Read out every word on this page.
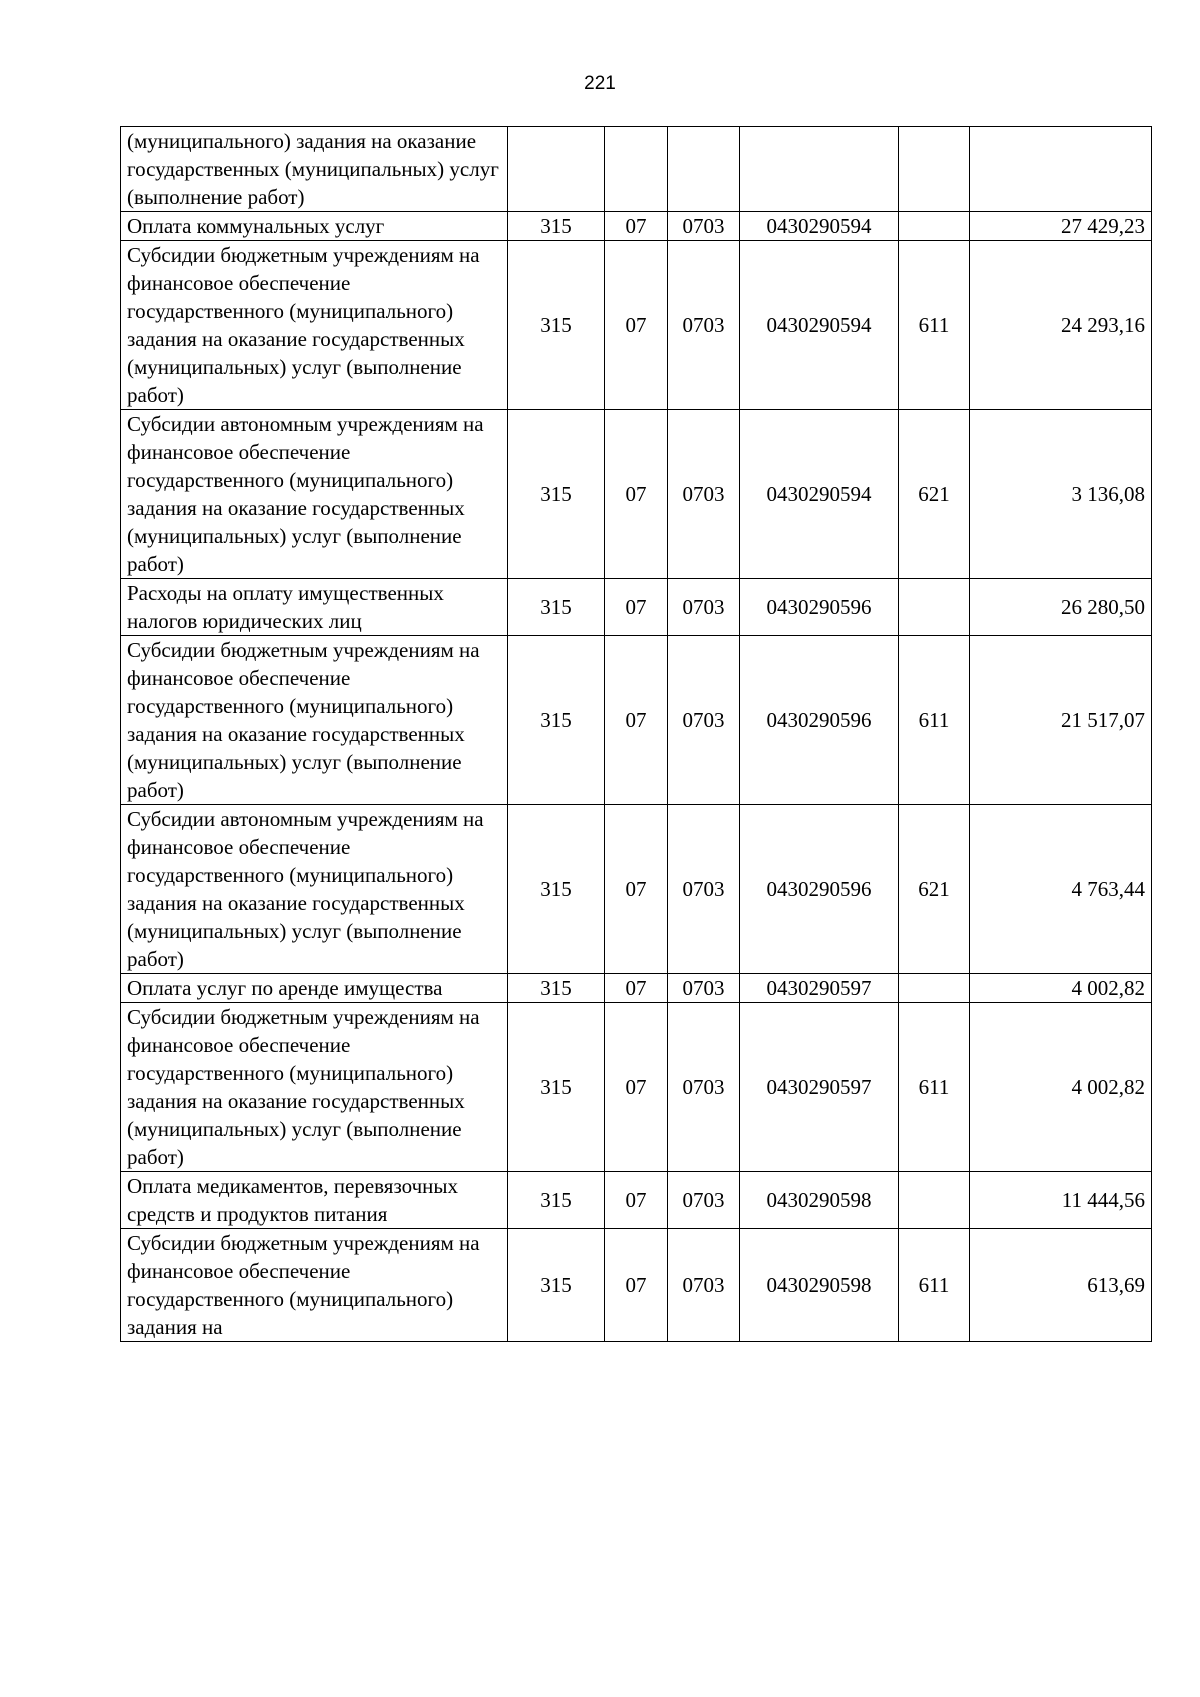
221
(муниципального) задания на оказание государственных (муниципальных) услуг (выполнение работ)						
Оплата коммунальных услуг	315	07	0703	0430290594		27 429,23
Субсидии бюджетным учреждениям на финансовое обеспечение государственного (муниципального) задания на оказание государственных (муниципальных) услуг (выполнение работ)	315	07	0703	0430290594	611	24 293,16
Субсидии автономным учреждениям на финансовое обеспечение государственного (муниципального) задания на оказание государственных (муниципальных) услуг (выполнение работ)	315	07	0703	0430290594	621	3 136,08
Расходы на оплату имущественных налогов юридических лиц	315	07	0703	0430290596		26 280,50
Субсидии бюджетным учреждениям на финансовое обеспечение государственного (муниципального) задания на оказание государственных (муниципальных) услуг (выполнение работ)	315	07	0703	0430290596	611	21 517,07
Субсидии автономным учреждениям на финансовое обеспечение государственного (муниципального) задания на оказание государственных (муниципальных) услуг (выполнение работ)	315	07	0703	0430290596	621	4 763,44
Оплата услуг по аренде имущества	315	07	0703	0430290597		4 002,82
Субсидии бюджетным учреждениям на финансовое обеспечение государственного (муниципального) задания на оказание государственных (муниципальных) услуг (выполнение работ)	315	07	0703	0430290597	611	4 002,82
Оплата медикаментов, перевязочных средств и продуктов питания	315	07	0703	0430290598		11 444,56
Субсидии бюджетным учреждениям на финансовое обеспечение государственного (муниципального) задания на	315	07	0703	0430290598	611	613,69
